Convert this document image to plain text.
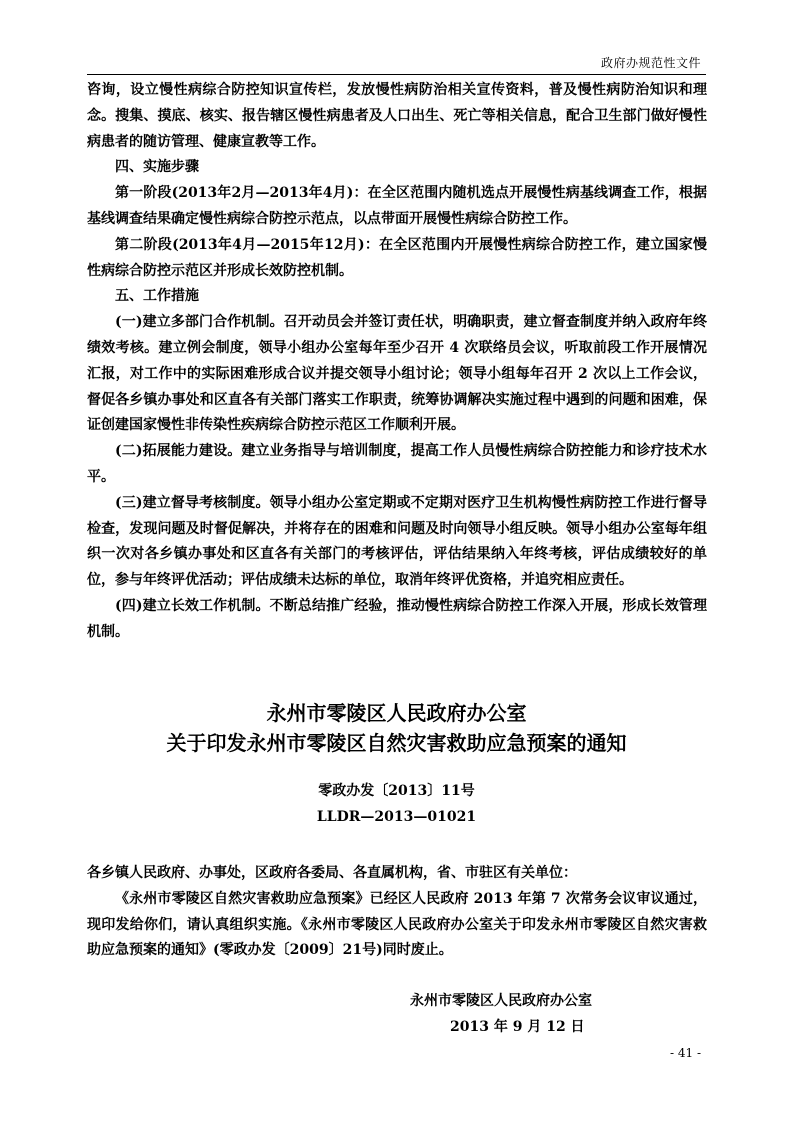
政府办规范性文件

咨询，设立慢性病综合防控知识宣传栏，发放慢性病防治相关宣传资料，普及慢性病防治知识和理念。搜集、摸底、核实、报告辖区慢性病患者及人口出生、死亡等相关信息，配合卫生部门做好慢性病患者的随访管理、健康宣教等工作。

四、实施步骤

第一阶段(2013年2月—2013年4月)：在全区范围内随机选点开展慢性病基线调查工作，根据基线调查结果确定慢性病综合防控示范点，以点带面开展慢性病综合防控工作。

第二阶段(2013年4月—2015年12月)：在全区范围内开展慢性病综合防控工作，建立国家慢性病综合防控示范区并形成长效防控机制。

五、工作措施

(一)建立多部门合作机制。召开动员会并签订责任状，明确职责，建立督查制度并纳入政府年终绩效考核。建立例会制度，领导小组办公室每年至少召开 4 次联络员会议，听取前段工作开展情况汇报，对工作中的实际困难形成合议并提交领导小组讨论；领导小组每年召开 2 次以上工作会议，督促各乡镇办事处和区直各有关部门落实工作职责，统筹协调解决实施过程中遇到的问题和困难，保证创建国家慢性非传染性疾病综合防控示范区工作顺利开展。

(二)拓展能力建设。建立业务指导与培训制度，提高工作人员慢性病综合防控能力和诊疗技术水平。

(三)建立督导考核制度。领导小组办公室定期或不定期对医疗卫生机构慢性病防控工作进行督导检查，发现问题及时督促解决，并将存在的困难和问题及时向领导小组反映。领导小组办公室每年组织一次对各乡镇办事处和区直各有关部门的考核评估，评估结果纳入年终考核，评估成绩较好的单位，参与年终评优活动；评估成绩未达标的单位，取消年终评优资格，并追究相应责任。

(四)建立长效工作机制。不断总结推广经验，推动慢性病综合防控工作深入开展，形成长效管理机制。

永州市零陵区人民政府办公室
关于印发永州市零陵区自然灾害救助应急预案的通知
零政办发〔2013〕11号
LLDR—2013—01021

各乡镇人民政府、办事处，区政府各委局、各直属机构，省、市驻区有关单位：

《永州市零陵区自然灾害救助应急预案》已经区人民政府 2013 年第 7 次常务会议审议通过，现印发给你们，请认真组织实施。《永州市零陵区人民政府办公室关于印发永州市零陵区自然灾害救助应急预案的通知》(零政办发〔2009〕21号)同时废止。

永州市零陵区人民政府办公室
2013 年 9 月 12 日
- 41 -
